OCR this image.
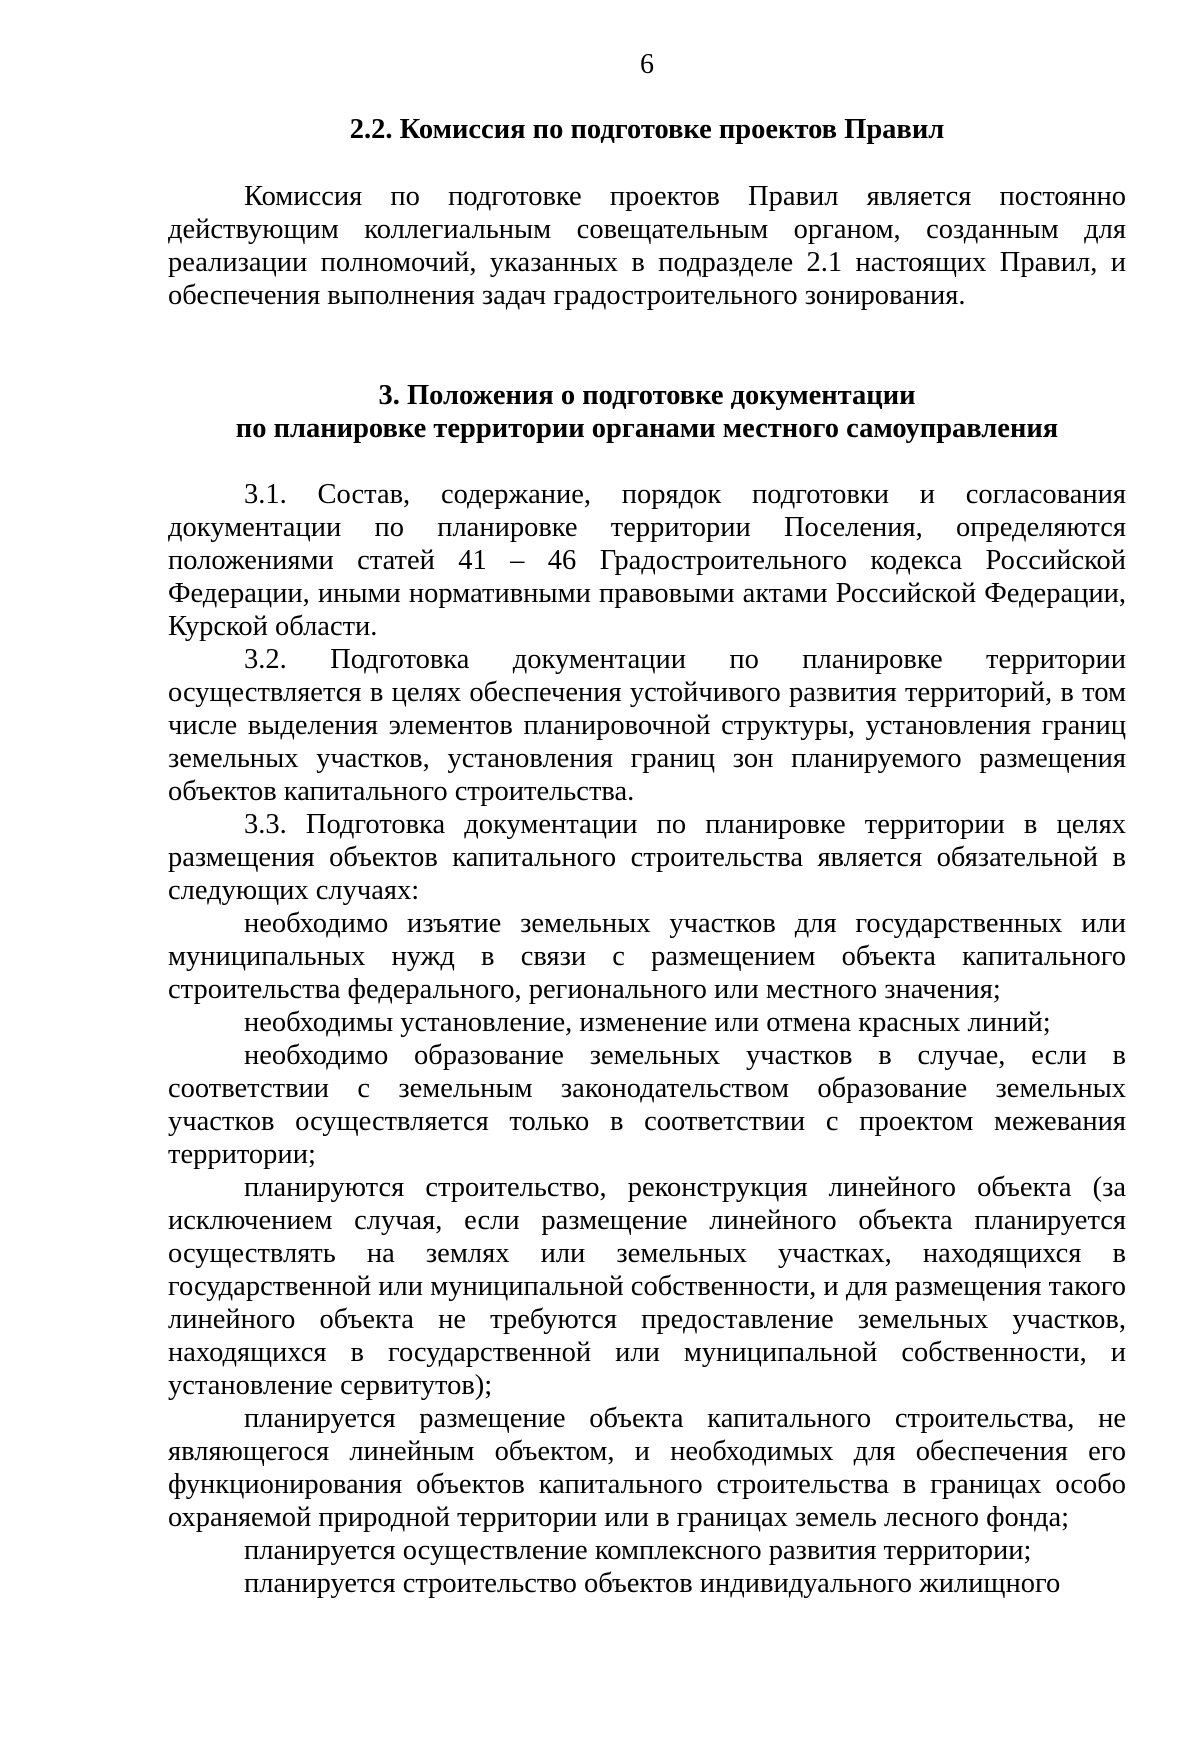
6
2.2. Комиссия по подготовке проектов Правил

Комиссия по подготовке проектов Правил является постоянно действующим коллегиальным совещательным органом, созданным для реализации полномочий, указанных в подразделе 2.1 настоящих Правил, и обеспечения выполнения задач градостроительного зонирования.

3. Положения о подготовке документации
по планировке территории органами местного самоуправления

3.1. Состав, содержание, порядок подготовки и согласования документации по планировке территории Поселения, определяются положениями статей 41 – 46 Градостроительного кодекса Российской Федерации, иными нормативными правовыми актами Российской Федерации, Курской области.

3.2. Подготовка документации по планировке территории осуществляется в целях обеспечения устойчивого развития территорий, в том числе выделения элементов планировочной структуры, установления границ земельных участков, установления границ зон планируемого размещения объектов капитального строительства.

3.3. Подготовка документации по планировке территории в целях размещения объектов капитального строительства является обязательной в следующих случаях:

необходимо изъятие земельных участков для государственных или муниципальных нужд в связи с размещением объекта капитального строительства федерального, регионального или местного значения;

необходимы установление, изменение или отмена красных линий;

необходимо образование земельных участков в случае, если в соответствии с земельным законодательством образование земельных участков осуществляется только в соответствии с проектом межевания территории;

планируются строительство, реконструкция линейного объекта (за исключением случая, если размещение линейного объекта планируется осуществлять на землях или земельных участках, находящихся в государственной или муниципальной собственности, и для размещения такого линейного объекта не требуются предоставление земельных участков, находящихся в государственной или муниципальной собственности, и установление сервитутов);

планируется размещение объекта капитального строительства, не являющегося линейным объектом, и необходимых для обеспечения его функционирования объектов капитального строительства в границах особо охраняемой природной территории или в границах земель лесного фонда;

планируется осуществление комплексного развития территории;

планируется строительство объектов индивидуального жилищного
